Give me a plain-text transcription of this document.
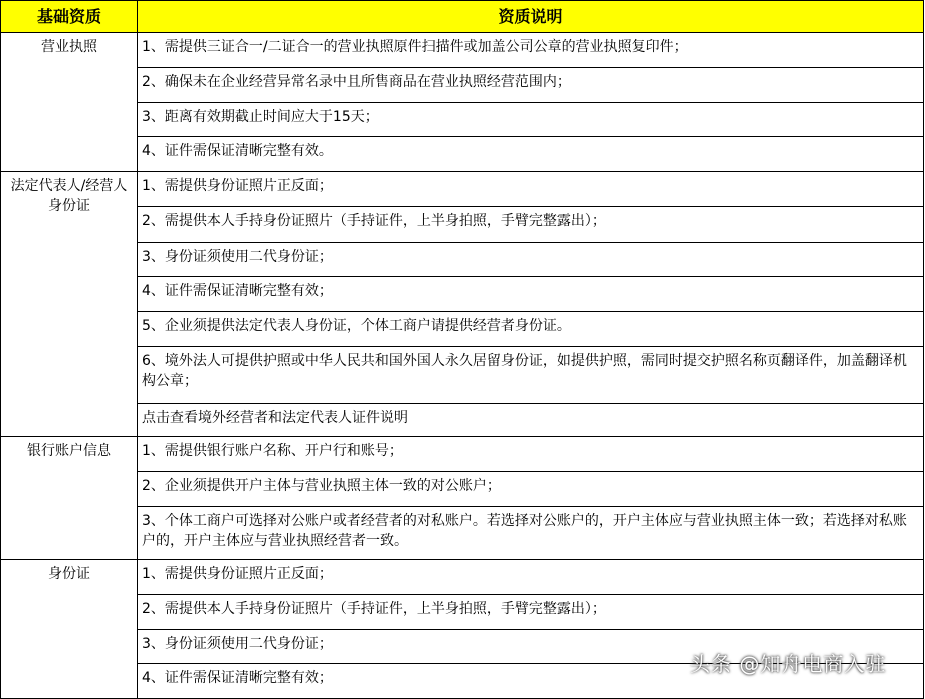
基础资质	资质说明
营业执照	1、需提供三证合一/二证合一的营业执照原件扫描件或加盖公司公章的营业执照复印件；
	2、确保未在企业经营异常名录中且所售商品在营业执照经营范围内；
	3、距离有效期截止时间应大于15天；
	4、证件需保证清晰完整有效。
法定代表人/经营人身份证	1、需提供身份证照片正反面；
	2、需提供本人手持身份证照片（手持证件，上半身拍照，手臂完整露出）；
	3、身份证须使用二代身份证；
	4、证件需保证清晰完整有效；
	5、企业须提供法定代表人身份证，个体工商户请提供经营者身份证。
	6、境外法人可提供护照或中华人民共和国外国人永久居留身份证，如提供护照，需同时提交护照名称页翻译件，加盖翻译机构公章；
	点击查看境外经营者和法定代表人证件说明
银行账户信息	1、需提供银行账户名称、开户行和账号；
	2、企业须提供开户主体与营业执照主体一致的对公账户；
	3、个体工商户可选择对公账户或者经营者的对私账户。若选择对公账户的，开户主体应与营业执照主体一致；若选择对私账户的，开户主体应与营业执照经营者一致。
身份证	1、需提供身份证照片正反面；
	2、需提供本人手持身份证照片（手持证件，上半身拍照，手臂完整露出）；
	3、身份证须使用二代身份证；
	4、证件需保证清晰完整有效；
头条 @知舟电商入驻
